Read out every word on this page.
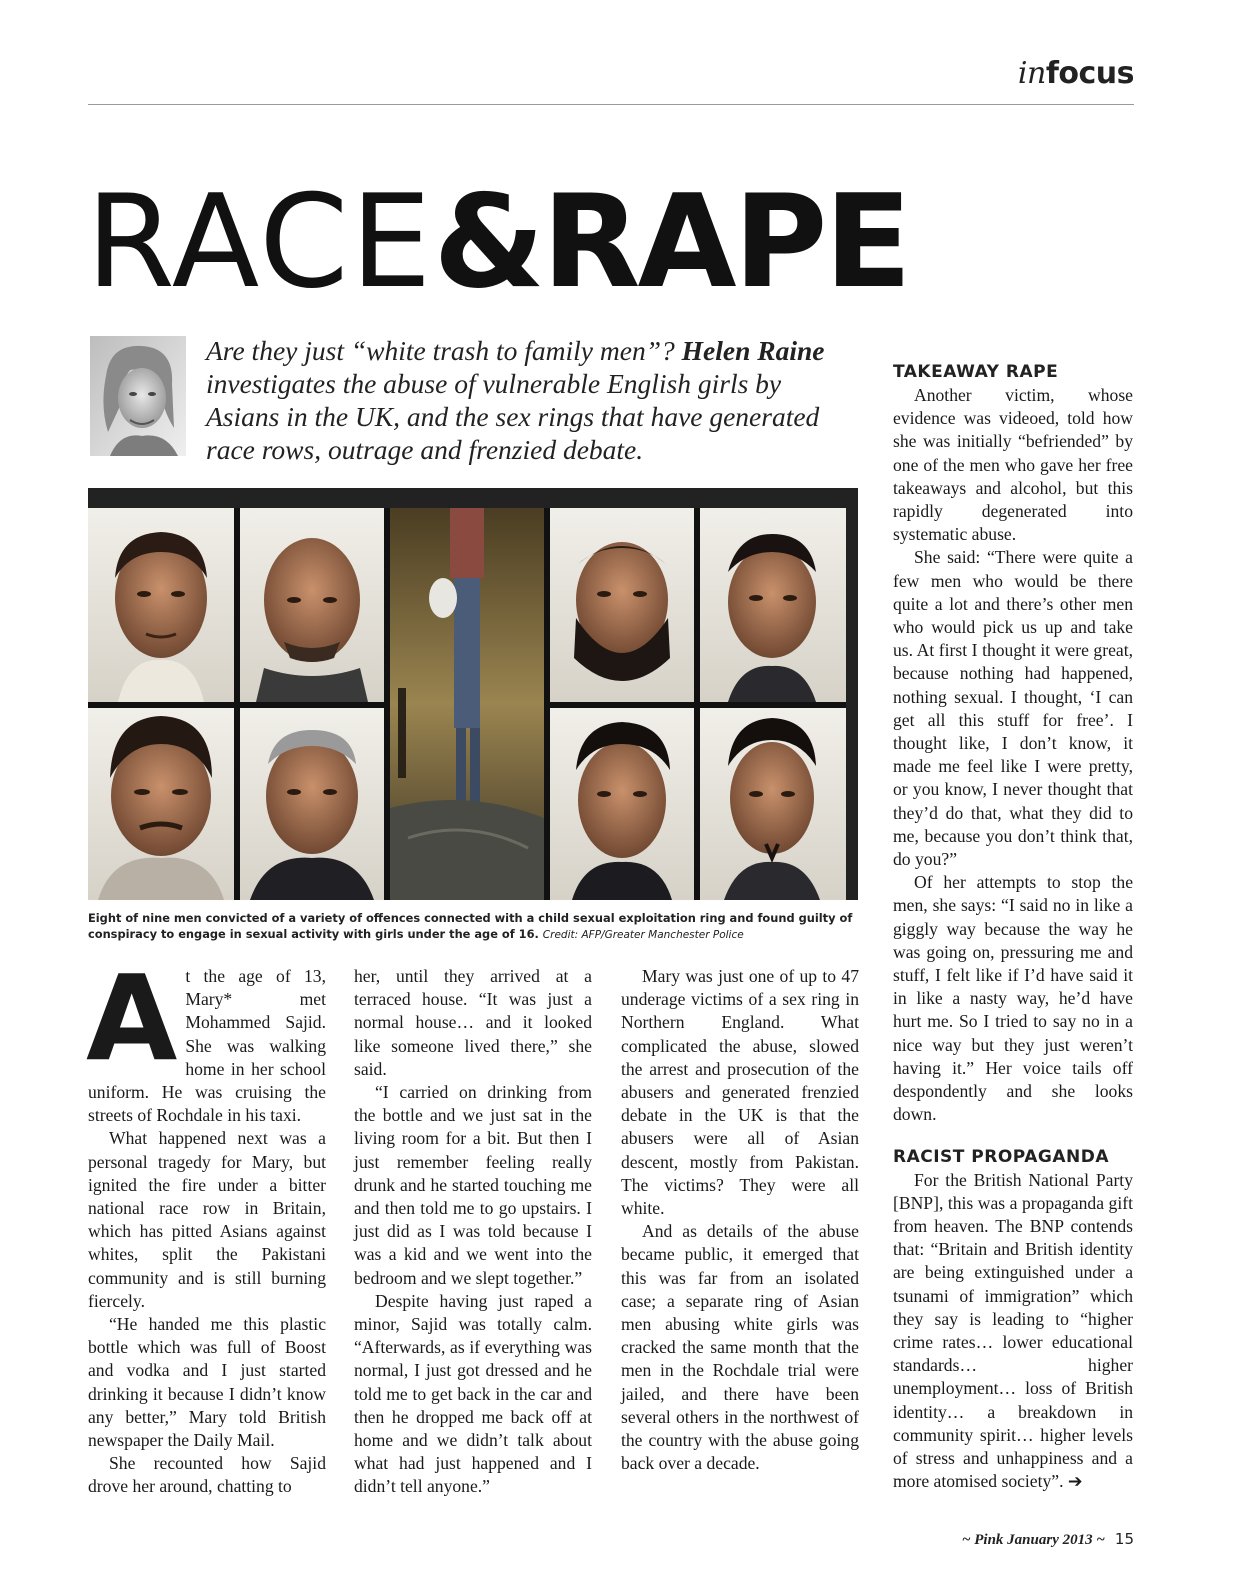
infocus
RACE&RAPE
Are they just “white trash to family men”? Helen Raine investigates the abuse of vulnerable English girls by Asians in the UK, and the sex rings that have generated race rows, outrage and frenzied debate.
Eight of nine men convicted of a variety of offences connected with a child sexual exploitation ring and found guilty of conspiracy to engage in sexual activity with girls under the age of 16. Credit: AFP/Greater Manchester Police
A t the age of 13, Mary* met Mohammed Sajid. She was walking home in her school uniform. He was cruising the streets of Rochdale in his taxi.

What happened next was a personal tragedy for Mary, but ignited the fire under a bitter national race row in Britain, which has pitted Asians against whites, split the Pakistani community and is still burning fiercely.

“He handed me this plastic bottle which was full of Boost and vodka and I just started drinking it because I didn’t know any better,” Mary told British newspaper the Daily Mail.

She recounted how Sajid drove her around, chatting to

her, until they arrived at a terraced house. “It was just a normal house… and it looked like someone lived there,” she said.

“I carried on drinking from the bottle and we just sat in the living room for a bit. But then I just remember feeling really drunk and he started touching me and then told me to go upstairs. I just did as I was told because I was a kid and we went into the bedroom and we slept together.”

Despite having just raped a minor, Sajid was totally calm. “Afterwards, as if everything was normal, I just got dressed and he told me to get back in the car and then he dropped me back off at home and we didn’t talk about what had just happened and I didn’t tell anyone.”

Mary was just one of up to 47 underage victims of a sex ring in Northern England. What complicated the abuse, slowed the arrest and prosecution of the abusers and generated frenzied debate in the UK is that the abusers were all of Asian descent, mostly from Pakistan. The victims? They were all white.

And as details of the abuse became public, it emerged that this was far from an isolated case; a separate ring of Asian men abusing white girls was cracked the same month that the men in the Rochdale trial were jailed, and there have been several others in the northwest of the country with the abuse going back over a decade.

TAKEAWAY RAPE

Another victim, whose evidence was videoed, told how she was initially “befriended” by one of the men who gave her free takeaways and alcohol, but this rapidly degenerated into systematic abuse.

She said: “There were quite a few men who would be there quite a lot and there’s other men who would pick us up and take us. At first I thought it were great, because nothing had happened, nothing sexual. I thought, ‘I can get all this stuff for free’. I thought like, I don’t know, it made me feel like I were pretty, or you know, I never thought that they’d do that, what they did to me, because you don’t think that, do you?”

Of her attempts to stop the men, she says: “I said no in like a giggly way because the way he was going on, pressuring me and stuff, I felt like if I’d have said it in like a nasty way, he’d have hurt me. So I tried to say no in a nice way but they just weren’t having it.” Her voice tails off despondently and she looks down.

RACIST PROPAGANDA

For the British National Party [BNP], this was a propaganda gift from heaven. The BNP contends that: “Britain and British identity are being extinguished under a tsunami of immigration” which they say is leading to “higher crime rates… lower educational standards… higher unemployment… loss of British identity… a breakdown in community spirit… higher levels of stress and unhappiness and a more atomised society”. ➔

~ Pink January 2013 ~ 15
